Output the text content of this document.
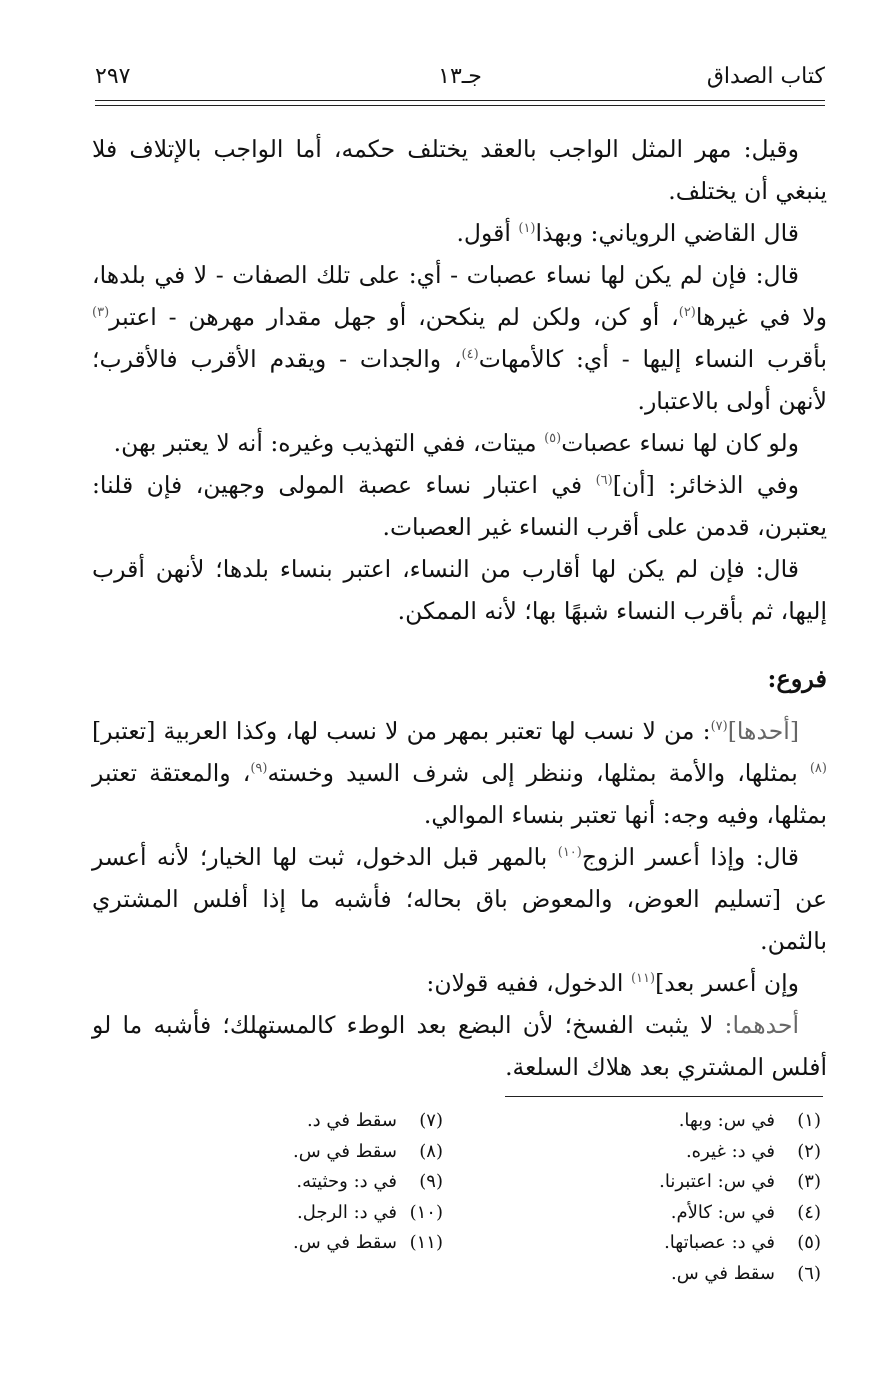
كتاب الصداق
جـ١٣
٢٩٧

وقيل: مهر المثل الواجب بالعقد يختلف حكمه، أما الواجب بالإتلاف فلا ينبغي أن يختلف.

قال القاضي الروياني: وبهذا$^{(١)}$ أقول.

قال: فإن لم يكن لها نساء عصبات - أي: على تلك الصفات - لا في بلدها، ولا في غيرها$^{(٢)}$، أو كن، ولكن لم ينكحن، أو جهل مقدار مهرهن - اعتبر$^{(٣)}$ بأقرب النساء إليها - أي: كالأمهات$^{(٤)}$، والجدات - ويقدم الأقرب فالأقرب؛ لأنهن أولى بالاعتبار.

ولو كان لها نساء عصبات$^{(٥)}$ ميتات، ففي التهذيب وغيره: أنه لا يعتبر بهن.

وفي الذخائر: [أن]$^{(٦)}$ في اعتبار نساء عصبة المولى وجهين، فإن قلنا: يعتبرن، قدمن على أقرب النساء غير العصبات.

قال: فإن لم يكن لها أقارب من النساء، اعتبر بنساء بلدها؛ لأنهن أقرب إليها، ثم بأقرب النساء شبهًا بها؛ لأنه الممكن.

فروع:

[أحدها]$^{(٧)}$: من لا نسب لها تعتبر بمهر من لا نسب لها، وكذا العربية [تعتبر]$^{(٨)}$ بمثلها، والأمة بمثلها، وننظر إلى شرف السيد وخسته$^{(٩)}$، والمعتقة تعتبر بمثلها، وفيه وجه: أنها تعتبر بنساء الموالي.

قال: وإذا أعسر الزوج$^{(١٠)}$ بالمهر قبل الدخول، ثبت لها الخيار؛ لأنه أعسر عن [تسليم العوض، والمعوض باق بحاله؛ فأشبه ما إذا أفلس المشتري بالثمن.

وإن أعسر بعد]$^{(١١)}$ الدخول، ففيه قولان:

أحدهما: لا يثبت الفسخ؛ لأن البضع بعد الوطء كالمستهلك؛ فأشبه ما لو أفلس المشتري بعد هلاك السلعة.

(١)في س: وبها.
(٢)في د: غيره.
(٣)في س: اعتبرنا.
(٤)في س: كالأم.
(٥)في د: عصباتها.
(٦)سقط في س.
(٧)سقط في د.
(٨)سقط في س.
(٩)في د: وحثيته.
(١٠)في د: الرجل.
(١١)سقط في س.
